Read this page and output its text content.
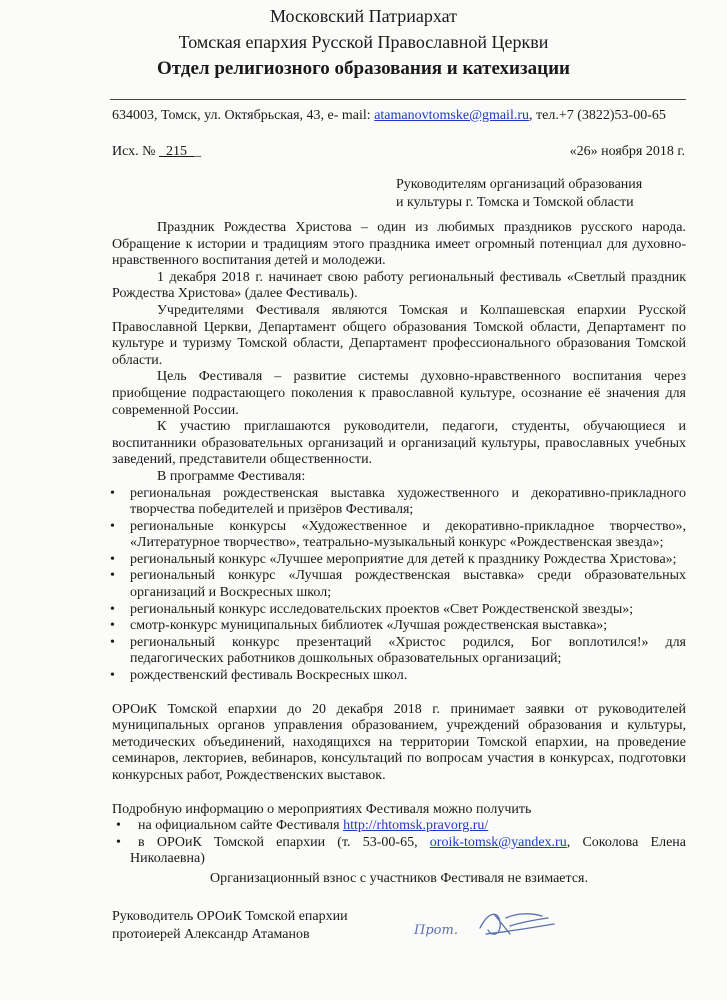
Московский Патриархат
Томская епархия Русской Православной Церкви
Отдел религиозного образования и катехизации
634003, Томск, ул. Октябрьская, 43, e- mail: atamanovtomske@gmail.ru, тел.+7 (3822)53-00-65
Исх. №   215  _	«26» ноября 2018 г.
Руководителям организаций образования
и культуры г. Томска и Томской области

Праздник Рождества Христова – один из любимых праздников русского народа. Обращение к истории и традициям этого праздника имеет огромный потенциал для духовно-нравственного воспитания детей и молодежи.

1 декабря 2018 г. начинает свою работу региональный фестиваль «Светлый праздник Рождества Христова» (далее Фестиваль).

Учредителями Фестиваля являются Томская и Колпашевская епархии Русской Православной Церкви, Департамент общего образования Томской области, Департамент по культуре и туризму Томской области, Департамент профессионального образования Томской области.

Цель Фестиваля – развитие системы духовно-нравственного воспитания через приобщение подрастающего поколения к православной культуре, осознание её значения для современной России.

К участию приглашаются руководители, педагоги, студенты, обучающиеся и воспитанники образовательных организаций и организаций культуры, православных учебных заведений, представители общественности.

В программе Фестиваля:

• региональная рождественская выставка художественного и декоративно-прикладного творчества победителей и призёров Фестиваля;
• региональные конкурсы «Художественное и декоративно-прикладное творчество», «Литературное творчество», театрально-музыкальный конкурс «Рождественская звезда»;
• региональный конкурс «Лучшее мероприятие для детей к празднику Рождества Христова»;
• региональный конкурс «Лучшая рождественская выставка» среди образовательных организаций и Воскресных школ;
• региональный конкурс исследовательских проектов «Свет Рождественской звезды»;
• смотр-конкурс муниципальных библиотек «Лучшая рождественская выставка»;
• региональный конкурс презентаций «Христос родился, Бог воплотился!» для педагогических работников дошкольных образовательных организаций;
• рождественский фестиваль Воскресных школ.

ОРОиК Томской епархии до 20 декабря 2018 г. принимает заявки от руководителей муниципальных органов управления образованием, учреждений образования и культуры, методических объединений, находящихся на территории Томской епархии, на проведение семинаров, лекториев, вебинаров, консультаций по вопросам участия в конкурсах, подготовки конкурсных работ, Рождественских выставок.

Подробную информацию о мероприятиях Фестиваля можно получить

• на официальном сайте Фестиваля http://rhtomsk.pravorg.ru/
• в ОРОиК Томской епархии (т. 53-00-65, oroik-tomsk@yandex.ru, Соколова Елена Николаевна)

Организационный взнос с участников Фестиваля не взимается.

Руководитель ОРОиК Томской епархии
протоиерей Александр Атаманов	Прот.
